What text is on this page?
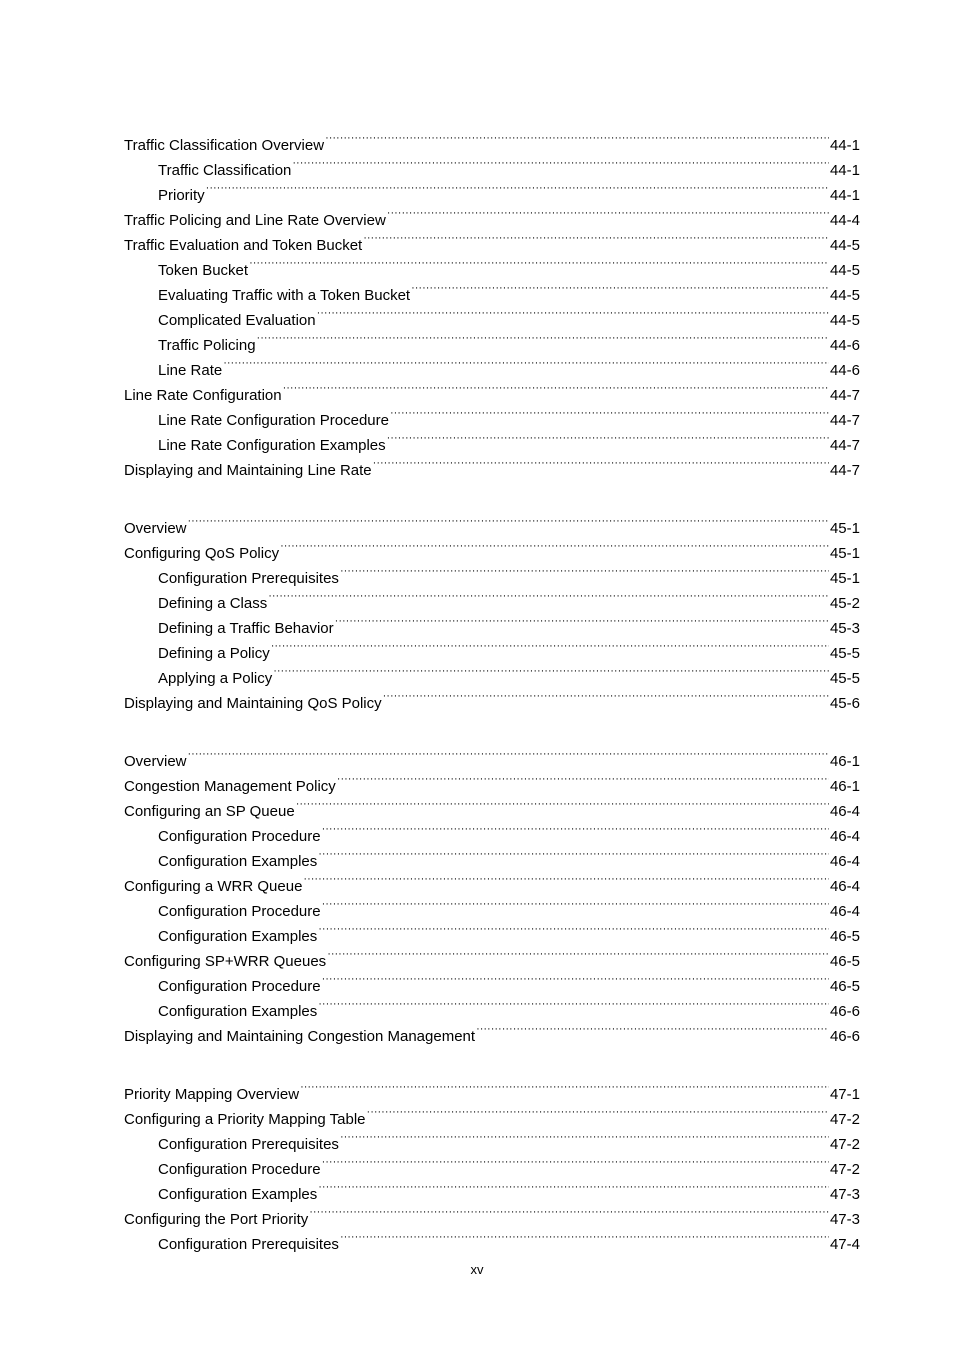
Traffic Classification Overview ·····	44-1
Traffic Classification ·····	44-1
Priority ·····	44-1
Traffic Policing and Line Rate Overview ·····	44-4
Traffic Evaluation and Token Bucket ·····	44-5
Token Bucket ·····	44-5
Evaluating Traffic with a Token Bucket ·····	44-5
Complicated Evaluation ·····	44-5
Traffic Policing ·····	44-6
Line Rate ·····	44-6
Line Rate Configuration ·····	44-7
Line Rate Configuration Procedure ·····	44-7
Line Rate Configuration Examples ·····	44-7
Displaying and Maintaining Line Rate ·····	44-7
Overview ·····	45-1
Configuring QoS Policy ·····	45-1
Configuration Prerequisites ·····	45-1
Defining a Class ·····	45-2
Defining a Traffic Behavior ·····	45-3
Defining a Policy ·····	45-5
Applying a Policy ·····	45-5
Displaying and Maintaining QoS Policy ·····	45-6
Overview ·····	46-1
Congestion Management Policy ·····	46-1
Configuring an SP Queue ·····	46-4
Configuration Procedure ·····	46-4
Configuration Examples ·····	46-4
Configuring a WRR Queue ·····	46-4
Configuration Procedure ·····	46-4
Configuration Examples ·····	46-5
Configuring SP+WRR Queues ·····	46-5
Configuration Procedure ·····	46-5
Configuration Examples ·····	46-6
Displaying and Maintaining Congestion Management ·····	46-6
Priority Mapping Overview ·····	47-1
Configuring a Priority Mapping Table ·····	47-2
Configuration Prerequisites ·····	47-2
Configuration Procedure ·····	47-2
Configuration Examples ·····	47-3
Configuring the Port Priority ·····	47-3
Configuration Prerequisites ·····	47-4
xv
